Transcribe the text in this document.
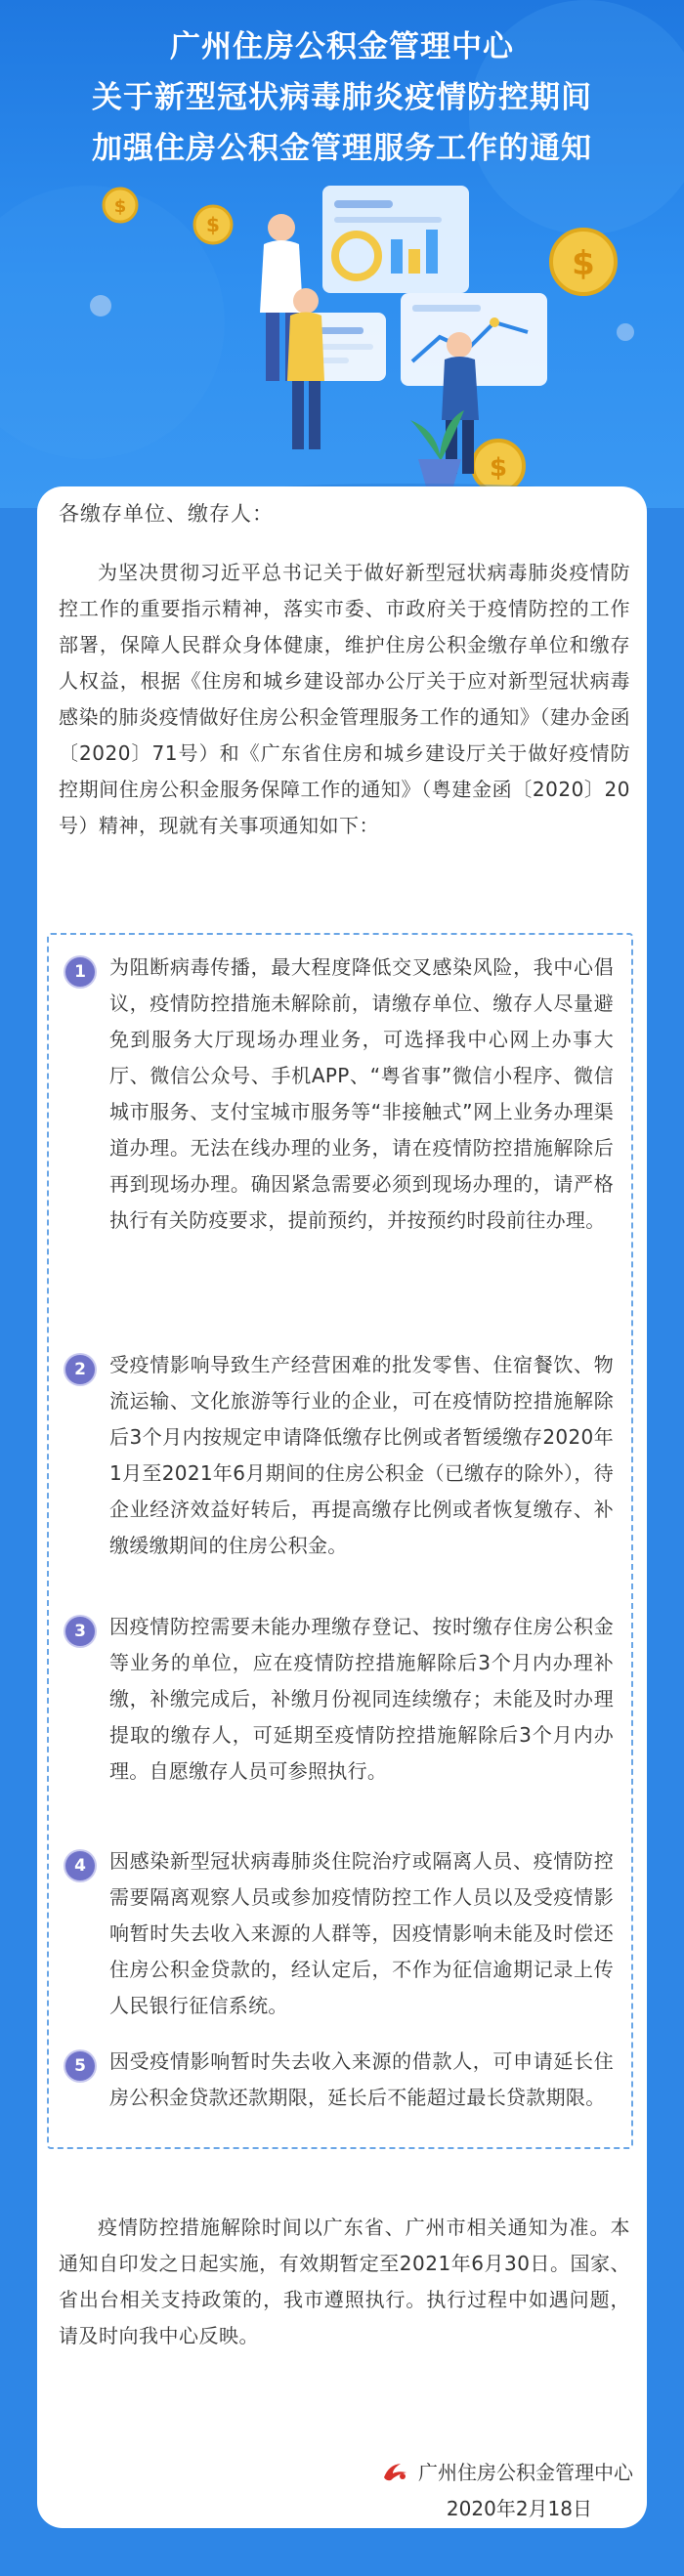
$
$
$
$
广州住房公积金管理中心
关于新型冠状病毒肺炎疫情防控期间
加强住房公积金管理服务工作的通知
各缴存单位、缴存人：
为坚决贯彻习近平总书记关于做好新型冠状病毒肺炎疫情防控工作的重要指示精神，落实市委、市政府关于疫情防控的工作部署，保障人民群众身体健康，维护住房公积金缴存单位和缴存人权益，根据《住房和城乡建设部办公厅关于应对新型冠状病毒感染的肺炎疫情做好住房公积金管理服务工作的通知》（建办金函〔2020〕71号）和《广东省住房和城乡建设厅关于做好疫情防控期间住房公积金服务保障工作的通知》（粤建金函〔2020〕20号）精神，现就有关事项通知如下：
1	为阻断病毒传播，最大程度降低交叉感染风险，我中心倡议，疫情防控措施未解除前，请缴存单位、缴存人尽量避免到服务大厅现场办理业务，可选择我中心网上办事大厅、微信公众号、手机APP、“粤省事”微信小程序、微信城市服务、支付宝城市服务等“非接触式”网上业务办理渠道办理。无法在线办理的业务，请在疫情防控措施解除后再到现场办理。确因紧急需要必须到现场办理的，请严格执行有关防疫要求，提前预约，并按预约时段前往办理。
2	受疫情影响导致生产经营困难的批发零售、住宿餐饮、物流运输、文化旅游等行业的企业，可在疫情防控措施解除后3个月内按规定申请降低缴存比例或者暂缓缴存2020年1月至2021年6月期间的住房公积金（已缴存的除外），待企业经济效益好转后，再提高缴存比例或者恢复缴存、补缴缓缴期间的住房公积金。
3	因疫情防控需要未能办理缴存登记、按时缴存住房公积金等业务的单位，应在疫情防控措施解除后3个月内办理补缴，补缴完成后，补缴月份视同连续缴存；未能及时办理提取的缴存人，可延期至疫情防控措施解除后3个月内办理。自愿缴存人员可参照执行。
4	因感染新型冠状病毒肺炎住院治疗或隔离人员、疫情防控需要隔离观察人员或参加疫情防控工作人员以及受疫情影响暂时失去收入来源的人群等，因疫情影响未能及时偿还住房公积金贷款的，经认定后，不作为征信逾期记录上传人民银行征信系统。
5	因受疫情影响暂时失去收入来源的借款人，可申请延长住房公积金贷款还款期限，延长后不能超过最长贷款期限。
疫情防控措施解除时间以广东省、广州市相关通知为准。本通知自印发之日起实施，有效期暂定至2021年6月30日。国家、省出台相关支持政策的，我市遵照执行。执行过程中如遇问题，请及时向我中心反映。
广州住房公积金管理中心
2020年2月18日
